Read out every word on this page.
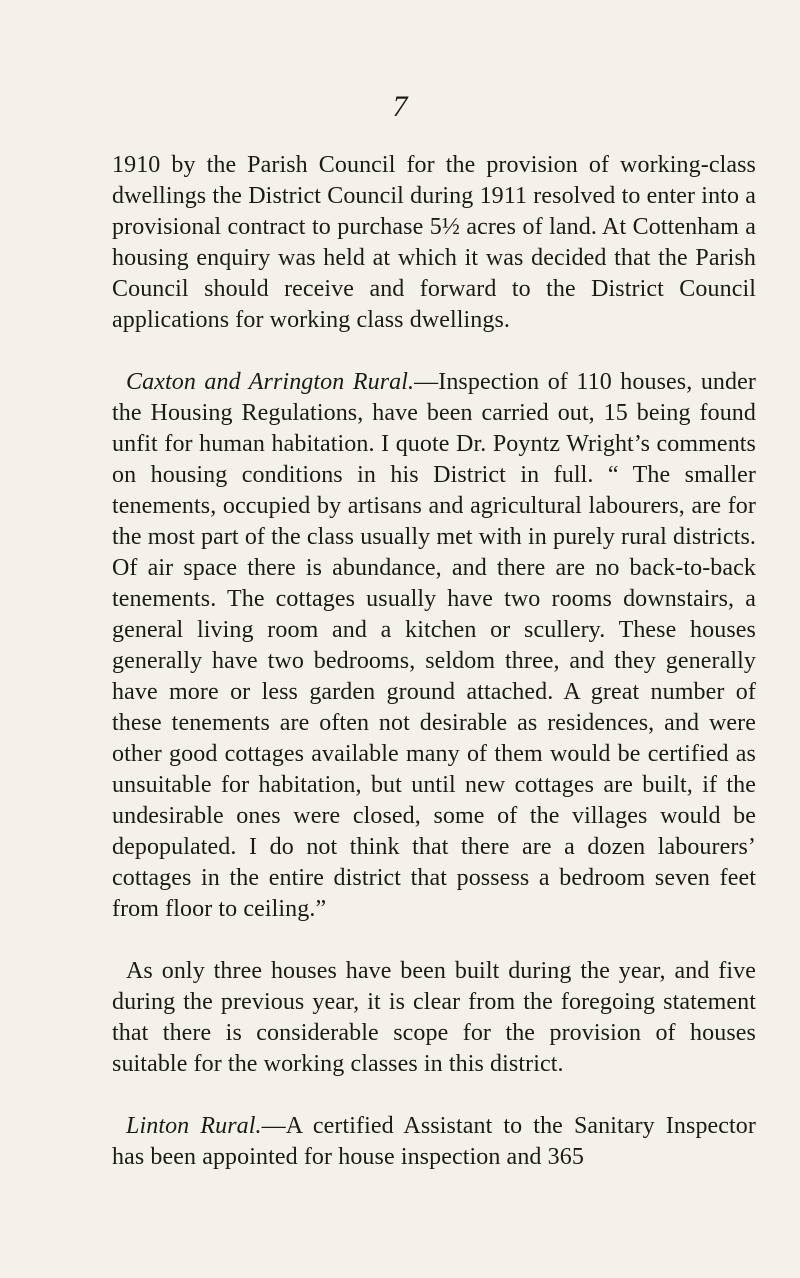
7

1910 by the Parish Council for the provision of working-class dwellings the District Council during 1911 resolved to enter into a provisional contract to purchase 5½ acres of land. At Cottenham a housing enquiry was held at which it was decided that the Parish Council should receive and forward to the District Council applications for working class dwellings.

Caxton and Arrington Rural.—Inspection of 110 houses, under the Housing Regulations, have been carried out, 15 being found unfit for human habitation. I quote Dr. Poyntz Wright’s comments on housing conditions in his District in full. “ The smaller tenements, occupied by artisans and agricultural labourers, are for the most part of the class usually met with in purely rural districts. Of air space there is abundance, and there are no back-to-back tenements. The cottages usually have two rooms downstairs, a general living room and a kitchen or scullery. These houses generally have two bedrooms, seldom three, and they generally have more or less garden ground attached. A great number of these tenements are often not desirable as residences, and were other good cottages available many of them would be certified as unsuitable for habitation, but until new cottages are built, if the undesirable ones were closed, some of the villages would be depopulated. I do not think that there are a dozen labourers’ cottages in the entire district that possess a bedroom seven feet from floor to ceiling.”

As only three houses have been built during the year, and five during the previous year, it is clear from the foregoing statement that there is considerable scope for the provision of houses suitable for the working classes in this district.

Linton Rural.—A certified Assistant to the Sanitary Inspector has been appointed for house inspection and 365
